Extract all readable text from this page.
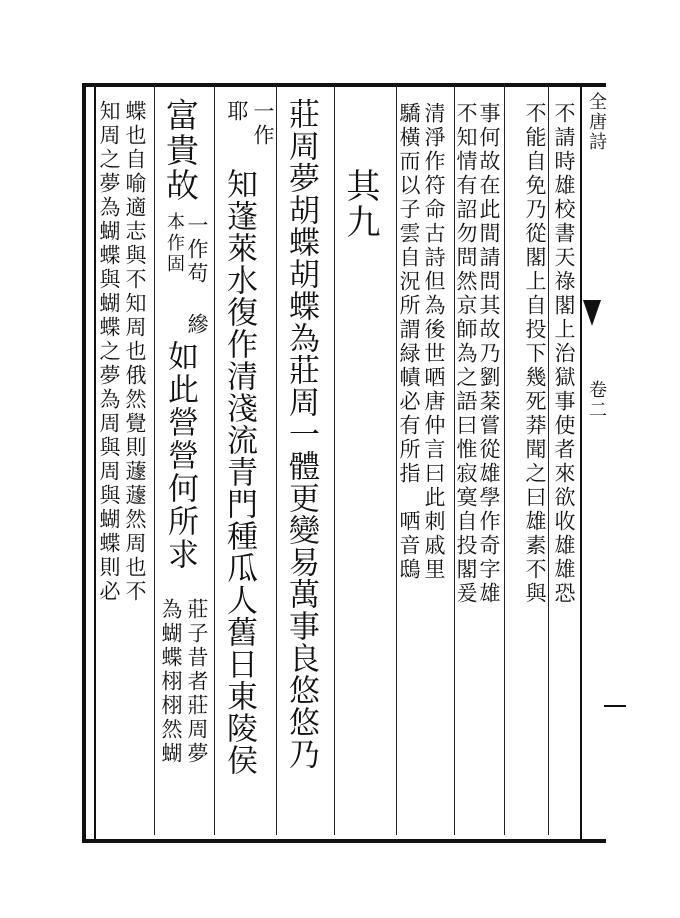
不請時雄校書天祿閣上治獄事使者來欲收雄雄恐
不能自免乃從閣上自投下幾死莽聞之曰雄素不與
事何故在此間請問其故乃劉棻嘗從雄學作奇字雄
不知情有詔勿問然京師為之語曰惟寂寞自投閣爰
清淨作符命古詩但為後世哂唐仲言曰此刺戚里
驕橫而以子雲自況所謂緑幘必有所指　哂音鴟
其九
莊周夢胡蝶胡蝶為莊周一體更變易萬事良悠悠乃
一作
耶
知蓬萊水復作清淺流青門種瓜人舊日東陵侯
富貴故
一作苟 縿
如此營營何所求
本作固
莊子昔者莊周夢
為蝴蝶栩栩然蝴
蝶也自喻適志與不知周也俄然覺則蘧蘧然周也不
知周之夢為蝴蝶與蝴蝶之夢為周與周與蝴蝶則必	全唐詩
卷二
